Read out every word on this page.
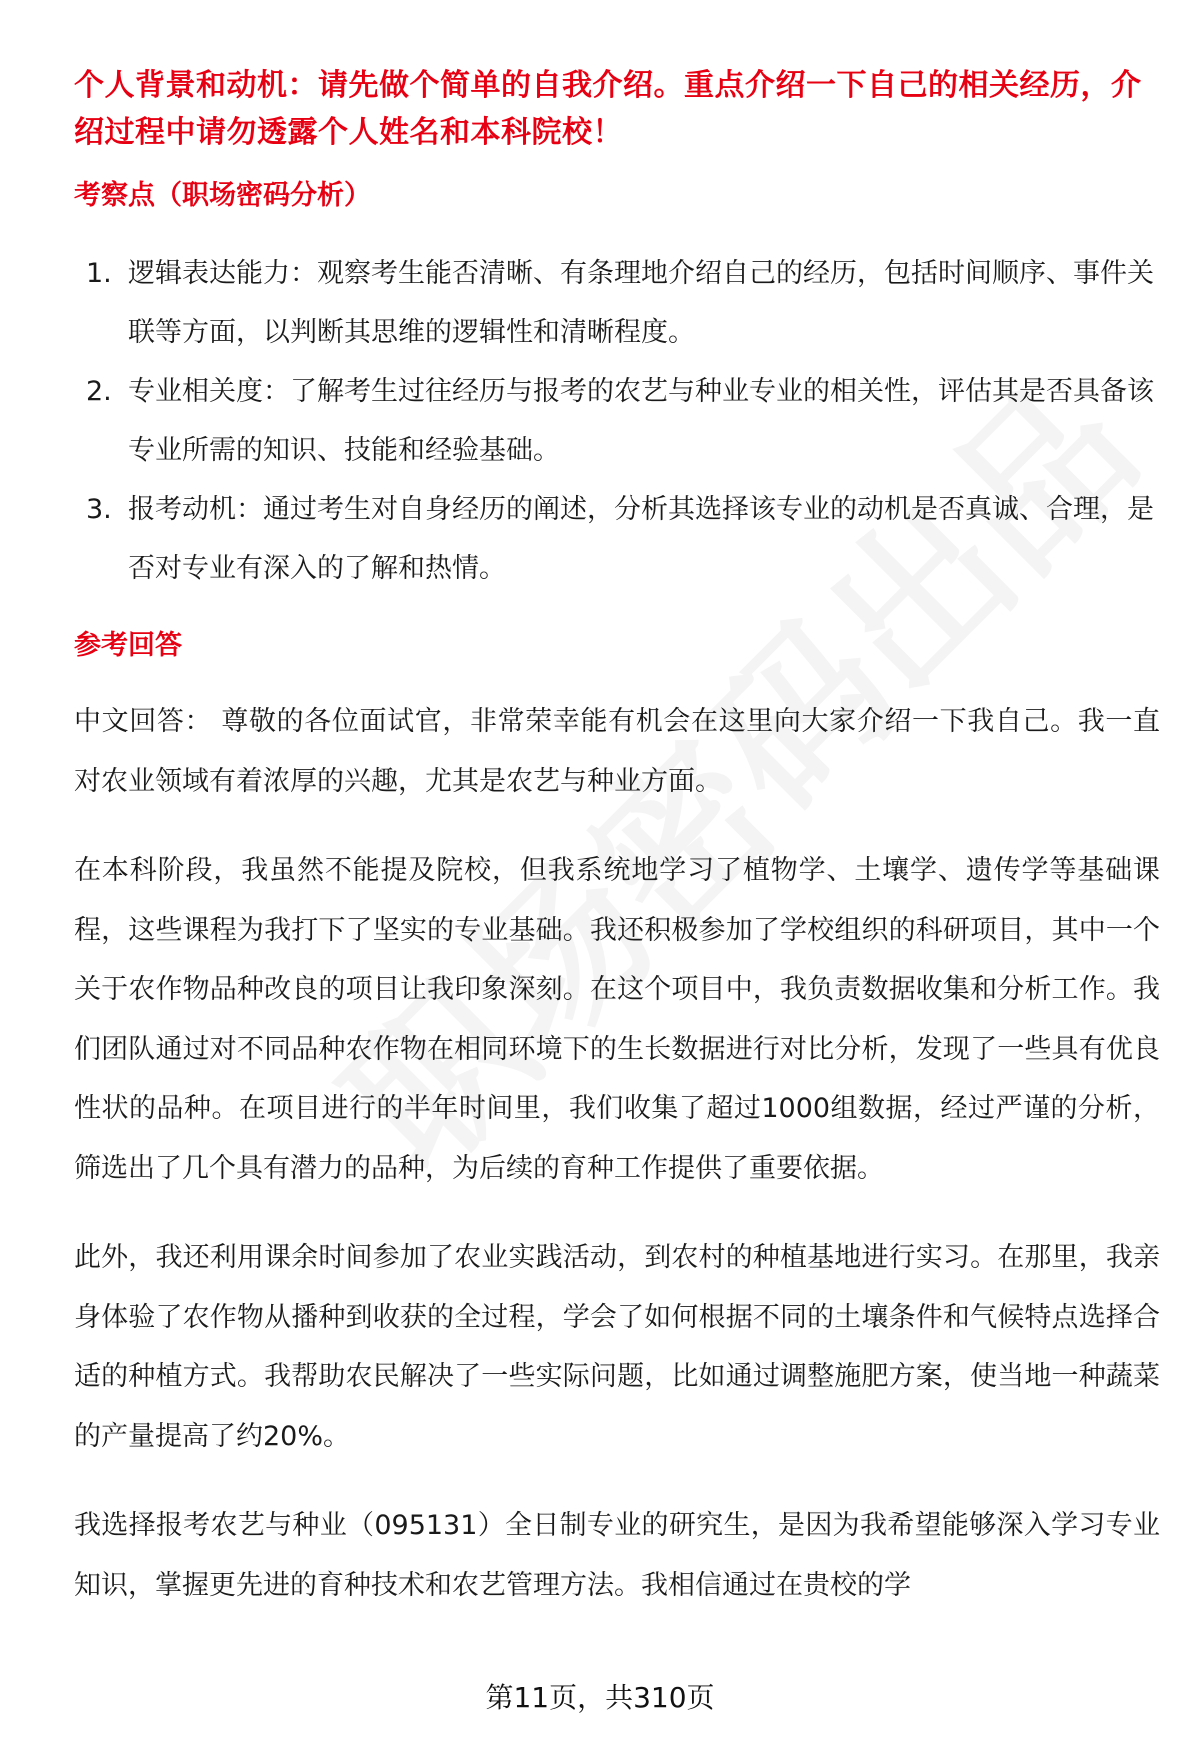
个人背景和动机：请先做个简单的自我介绍。重点介绍一下自己的相关经历，介绍过程中请勿透露个人姓名和本科院校！
考察点（职场密码分析）
1. 逻辑表达能力：观察考生能否清晰、有条理地介绍自己的经历，包括时间顺序、事件关联等方面，以判断其思维的逻辑性和清晰程度。
2. 专业相关度：了解考生过往经历与报考的农艺与种业专业的相关性，评估其是否具备该专业所需的知识、技能和经验基础。
3. 报考动机：通过考生对自身经历的阐述，分析其选择该专业的动机是否真诚、合理，是否对专业有深入的了解和热情。
参考回答

中文回答： 尊敬的各位面试官，非常荣幸能有机会在这里向大家介绍一下我自己。我一直对农业领域有着浓厚的兴趣，尤其是农艺与种业方面。

在本科阶段，我虽然不能提及院校，但我系统地学习了植物学、土壤学、遗传学等基础课程，这些课程为我打下了坚实的专业基础。我还积极参加了学校组织的科研项目，其中一个关于农作物品种改良的项目让我印象深刻。在这个项目中，我负责数据收集和分析工作。我们团队通过对不同品种农作物在相同环境下的生长数据进行对比分析，发现了一些具有优良性状的品种。在项目进行的半年时间里，我们收集了超过1000组数据，经过严谨的分析，筛选出了几个具有潜力的品种，为后续的育种工作提供了重要依据。

此外，我还利用课余时间参加了农业实践活动，到农村的种植基地进行实习。在那里，我亲身体验了农作物从播种到收获的全过程，学会了如何根据不同的土壤条件和气候特点选择合适的种植方式。我帮助农民解决了一些实际问题，比如通过调整施肥方案，使当地一种蔬菜的产量提高了约20%。

我选择报考农艺与种业（095131）全日制专业的研究生，是因为我希望能够深入学习专业知识，掌握更先进的育种技术和农艺管理方法。我相信通过在贵校的学

第11页，共310页
